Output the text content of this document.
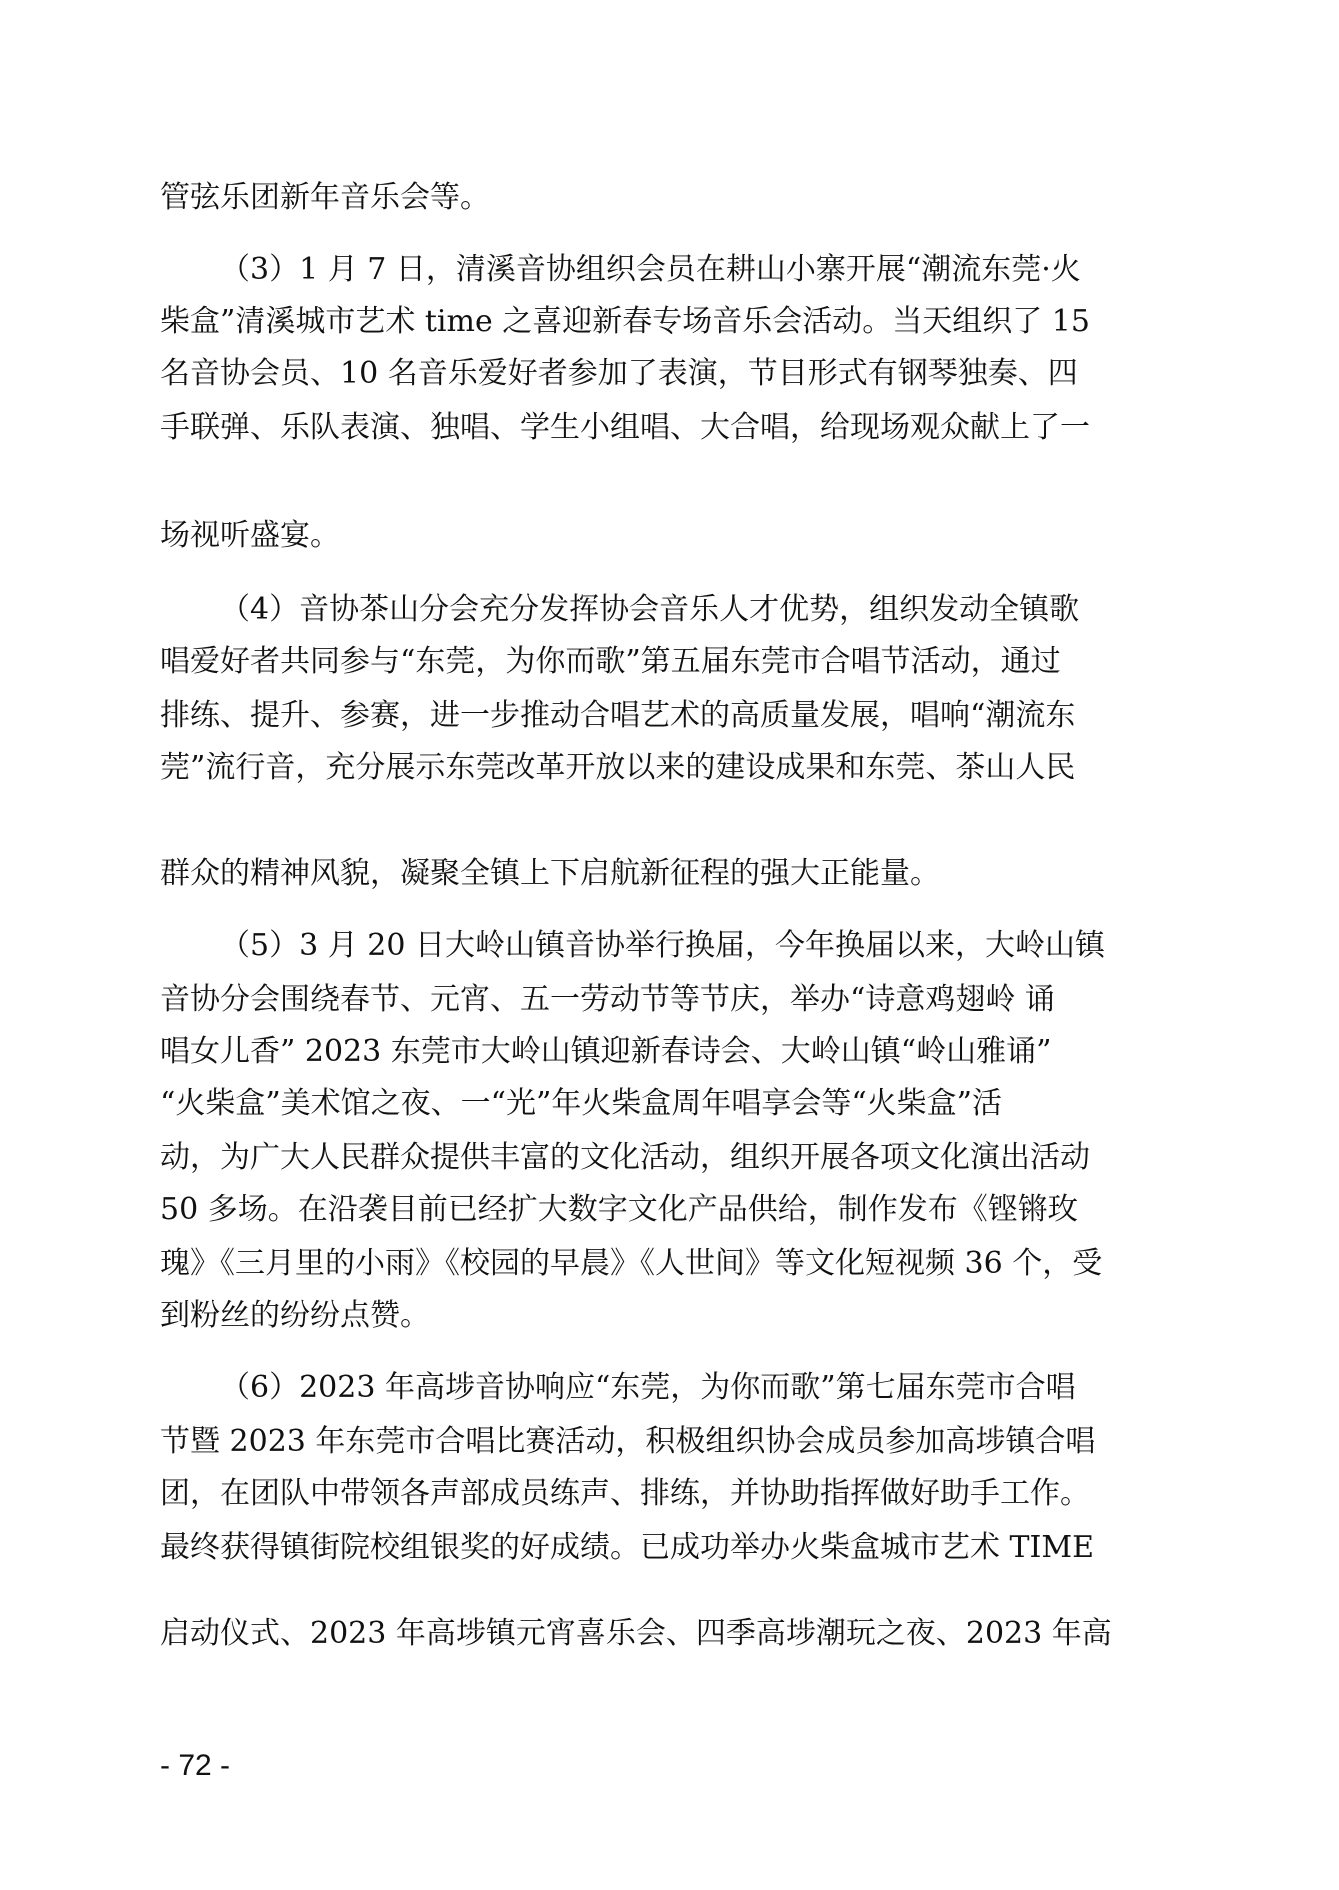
管弦乐团新年音乐会等。
（3）1 月 7 日，清溪音协组织会员在耕山小寨开展“潮流东莞·火
柴盒”清溪城市艺术 time 之喜迎新春专场音乐会活动。当天组织了 15
名音协会员、10 名音乐爱好者参加了表演，节目形式有钢琴独奏、四
手联弹、乐队表演、独唱、学生小组唱、大合唱，给现场观众献上了一
场视听盛宴。
（4）音协茶山分会充分发挥协会音乐人才优势，组织发动全镇歌
唱爱好者共同参与“东莞，为你而歌”第五届东莞市合唱节活动，通过
排练、提升、参赛，进一步推动合唱艺术的高质量发展，唱响“潮流东
莞”流行音，充分展示东莞改革开放以来的建设成果和东莞、茶山人民
群众的精神风貌，凝聚全镇上下启航新征程的强大正能量。
（5）3 月 20 日大岭山镇音协举行换届，今年换届以来，大岭山镇
音协分会围绕春节、元宵、五一劳动节等节庆，举办“诗意鸡翅岭 诵
唱女儿香” 2023 东莞市大岭山镇迎新春诗会、大岭山镇“岭山雅诵”
“火柴盒”美术馆之夜、一“光”年火柴盒周年唱享会等“火柴盒”活
动，为广大人民群众提供丰富的文化活动，组织开展各项文化演出活动
50 多场。在沿袭目前已经扩大数字文化产品供给，制作发布《铿锵玫
瑰》《三月里的小雨》《校园的早晨》《人世间》等文化短视频 36 个，受
到粉丝的纷纷点赞。
（6）2023 年高埗音协响应“东莞，为你而歌”第七届东莞市合唱
节暨 2023 年东莞市合唱比赛活动，积极组织协会成员参加高埗镇合唱
团，在团队中带领各声部成员练声、排练，并协助指挥做好助手工作。
最终获得镇街院校组银奖的好成绩。已成功举办火柴盒城市艺术 TIME
启动仪式、2023 年高埗镇元宵喜乐会、四季高埗潮玩之夜、2023 年高
- 72 -
